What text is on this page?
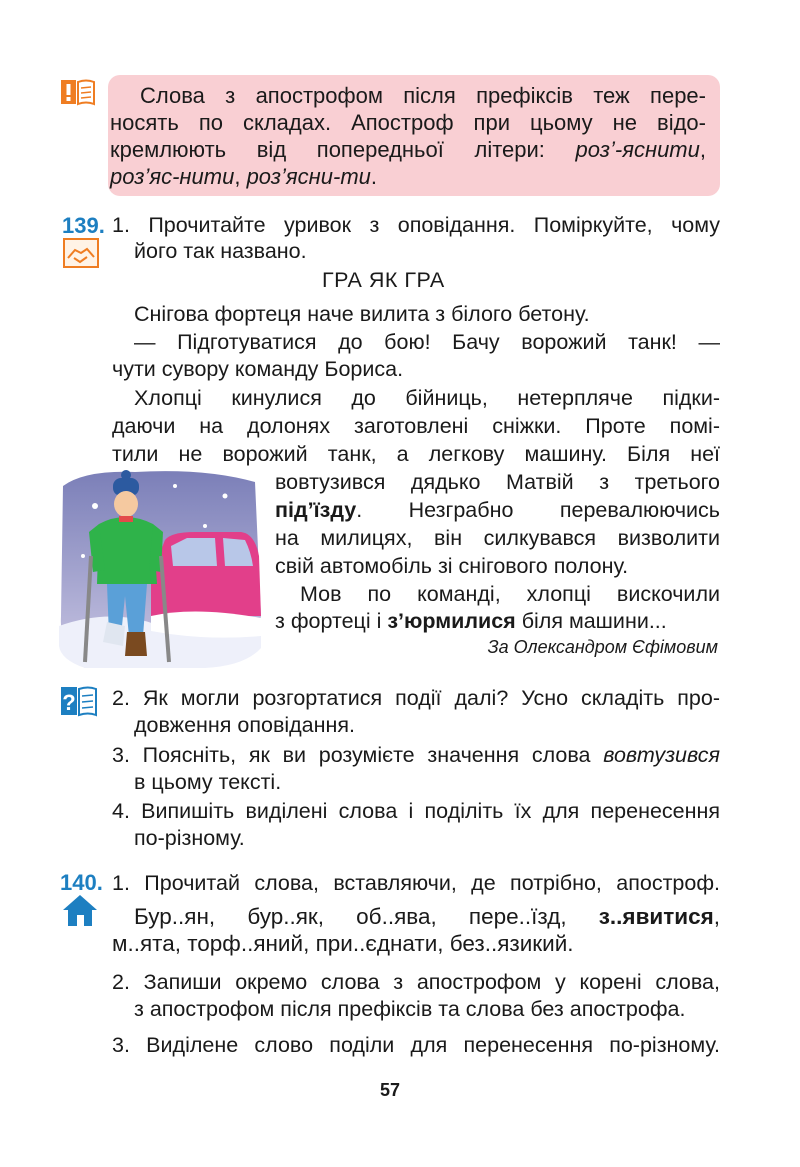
Слова з апострофом після префіксів теж пере-
носять по складах. Апостроф при цьому не відо-
кремлюють від попередньої літери: роз’-яснити,
роз’яс-нити, роз’ясни-ти.
139. 1. Прочитайте уривок з оповідання. Поміркуйте, чому
його так названо.
ГРА ЯК ГРА
Снігова фортеця наче вилита з білого бетону.
— Підготуватися до бою! Бачу ворожий танк! —
чути сувору команду Бориса.
Хлопці кинулися до бійниць, нетерпляче підки-
даючи на долонях заготовлені сніжки. Проте помі-
тили не ворожий танк, а легкову машину. Біля неї
вовтузився дядько Матвій з третього
під’їзду. Незграбно перевалюючись
на милицях, він силкувався визволити
свій автомобіль зі снігового полону.
Мов по команді, хлопці вискочили
з фортеці і з’юрмилися біля машини...
За Олександром Єфімовим
? 2. Як могли розгортатися події далі? Усно складіть про-
довження оповідання.
3. Поясніть, як ви розумієте значення слова вовтузився
в цьому тексті.
4. Випишіть виділені слова і поділіть їх для перенесення
по-різному.
140. 1. Прочитай слова, вставляючи, де потрібно, апостроф.
Бур..ян, бур..як, об..ява, пере..їзд, з..явитися,
м..ята, торф..яний, при..єднати, без..язикий.
2. Запиши окремо слова з апострофом у корені слова,
з апострофом після префіксів та слова без апострофа.
3. Виділене слово поділи для перенесення по-різному.
57
